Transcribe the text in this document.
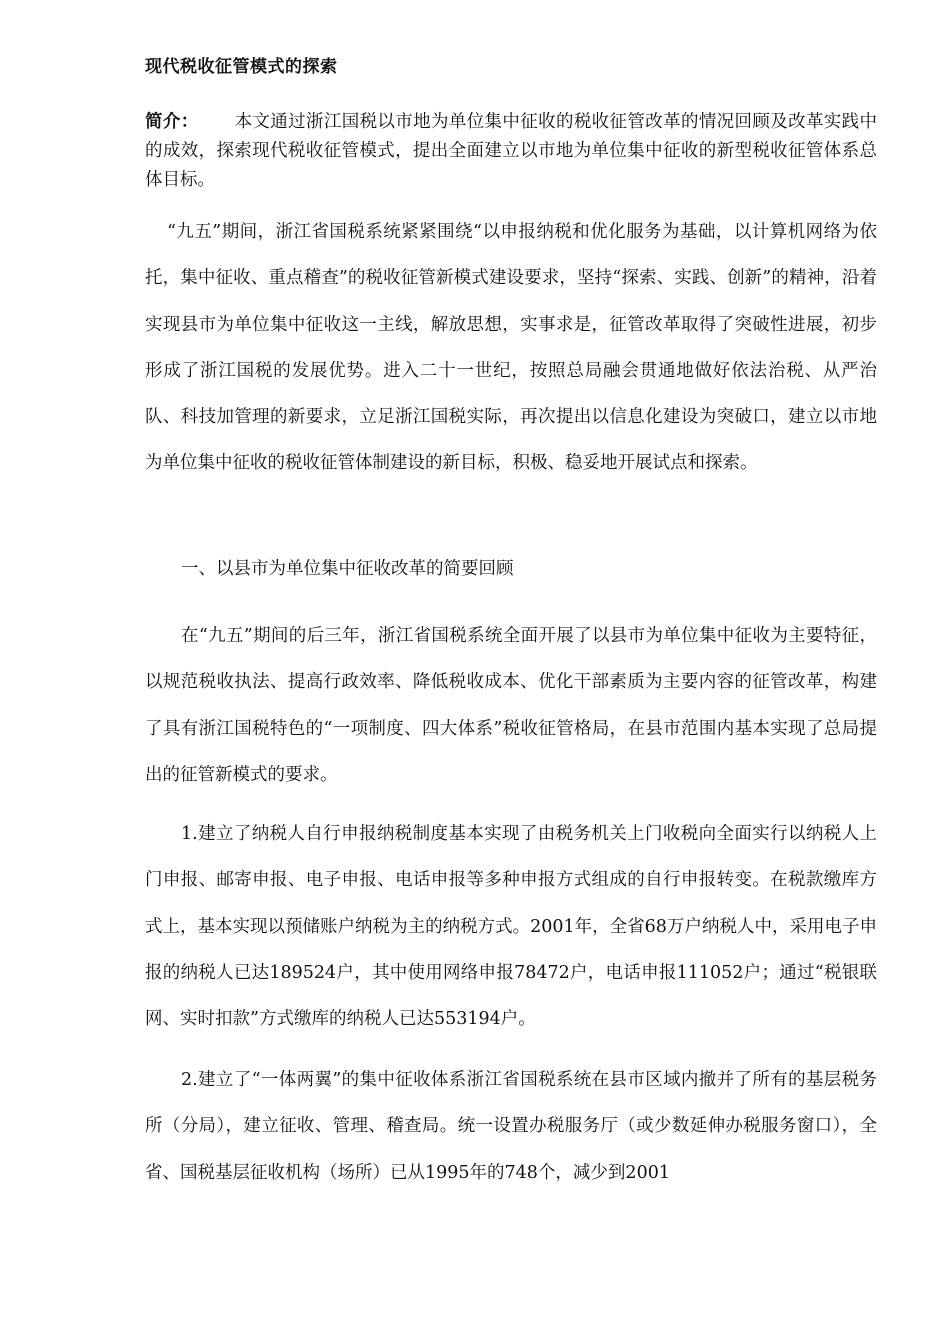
现代税收征管模式的探索

简介： 本文通过浙江国税以市地为单位集中征收的税收征管改革的情况回顾及改革实践中的成效，探索现代税收征管模式，提出全面建立以市地为单位集中征收的新型税收征管体系总体目标。

“九五”期间，浙江省国税系统紧紧围绕“以申报纳税和优化服务为基础，以计算机网络为依托，集中征收、重点稽查”的税收征管新模式建设要求，坚持“探索、实践、创新”的精神，沿着实现县市为单位集中征收这一主线，解放思想，实事求是，征管改革取得了突破性进展，初步形成了浙江国税的发展优势。进入二十一世纪，按照总局融会贯通地做好依法治税、从严治队、科技加管理的新要求，立足浙江国税实际，再次提出以信息化建设为突破口，建立以市地为单位集中征收的税收征管体制建设的新目标，积极、稳妥地开展试点和探索。

一、以县市为单位集中征收改革的简要回顾

在“九五”期间的后三年，浙江省国税系统全面开展了以县市为单位集中征收为主要特征，以规范税收执法、提高行政效率、降低税收成本、优化干部素质为主要内容的征管改革，构建了具有浙江国税特色的“一项制度、四大体系”税收征管格局，在县市范围内基本实现了总局提出的征管新模式的要求。

1.建立了纳税人自行申报纳税制度基本实现了由税务机关上门收税向全面实行以纳税人上门申报、邮寄申报、电子申报、电话申报等多种申报方式组成的自行申报转变。在税款缴库方式上，基本实现以预储账户纳税为主的纳税方式。2001年，全省68万户纳税人中，采用电子申报的纳税人已达189524户，其中使用网络申报78472户，电话申报111052户；通过“税银联网、实时扣款”方式缴库的纳税人已达553194户。

2.建立了“一体两翼”的集中征收体系浙江省国税系统在县市区域内撤并了所有的基层税务所（分局），建立征收、管理、稽查局。统一设置办税服务厅（或少数延伸办税服务窗口），全省、国税基层征收机构（场所）已从1995年的748个，减少到2001
